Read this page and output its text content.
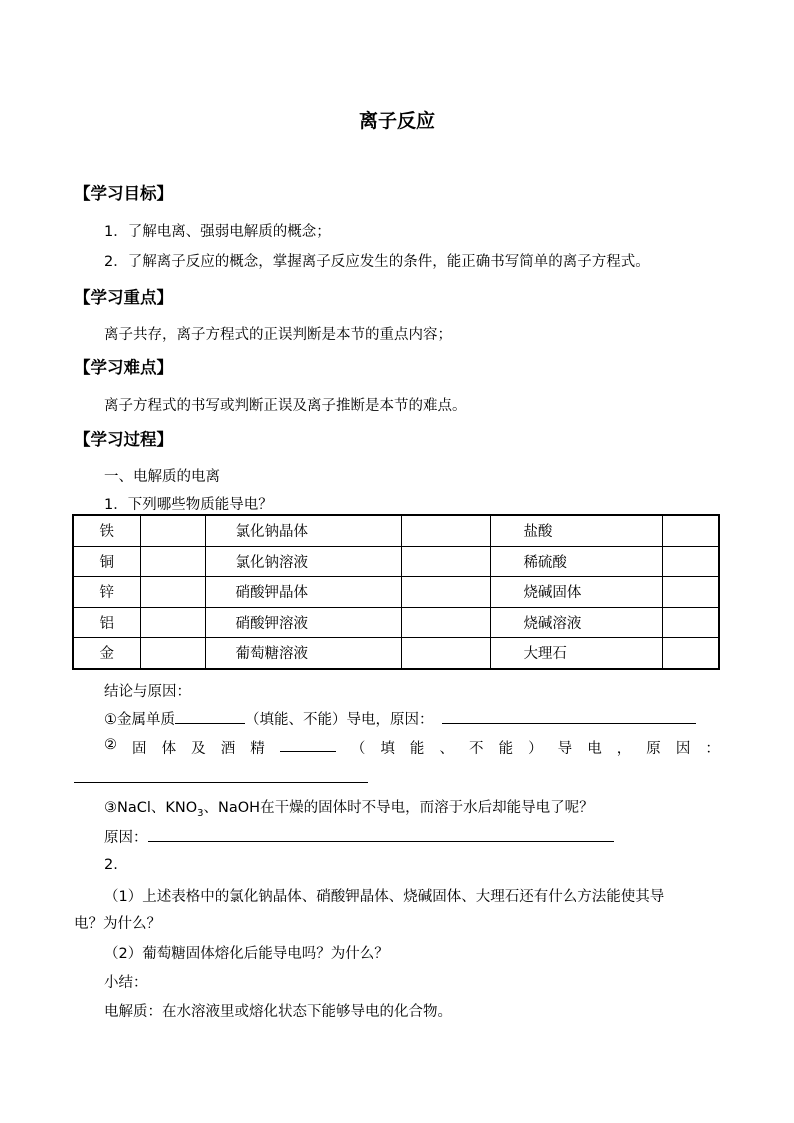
离子反应
【学习目标】
1．了解电离、强弱电解质的概念；
2．了解离子反应的概念，掌握离子反应发生的条件，能正确书写简单的离子方程式。
【学习重点】
离子共存，离子方程式的正误判断是本节的重点内容；
【学习难点】
离子方程式的书写或判断正误及离子推断是本节的难点。
【学习过程】
一、电解质的电离
1．下列哪些物质能导电？
铁		氯化钠晶体		盐酸	
铜		氯化钠溶液		稀硫酸	
锌		硝酸钾晶体		烧碱固体	
铝		硝酸钾溶液		烧碱溶液	
金		葡萄糖溶液		大理石	
结论与原因：
①金属单质	（填能、不能）导电，原因：
② 固 体 及 酒 精	（ 填 能 、 不 能 ） 导 电 ， 原 因 ：
③NaCl、$KNO_3$、NaOH在干燥的固体时不导电，而溶于水后却能导电了呢？
原因：
2.
（1）上述表格中的氯化钠晶体、硝酸钾晶体、烧碱固体、大理石还有什么方法能使其导
电？为什么？
（2）葡萄糖固体熔化后能导电吗？为什么？
小结：
电解质：在水溶液里或熔化状态下能够导电的化合物。
